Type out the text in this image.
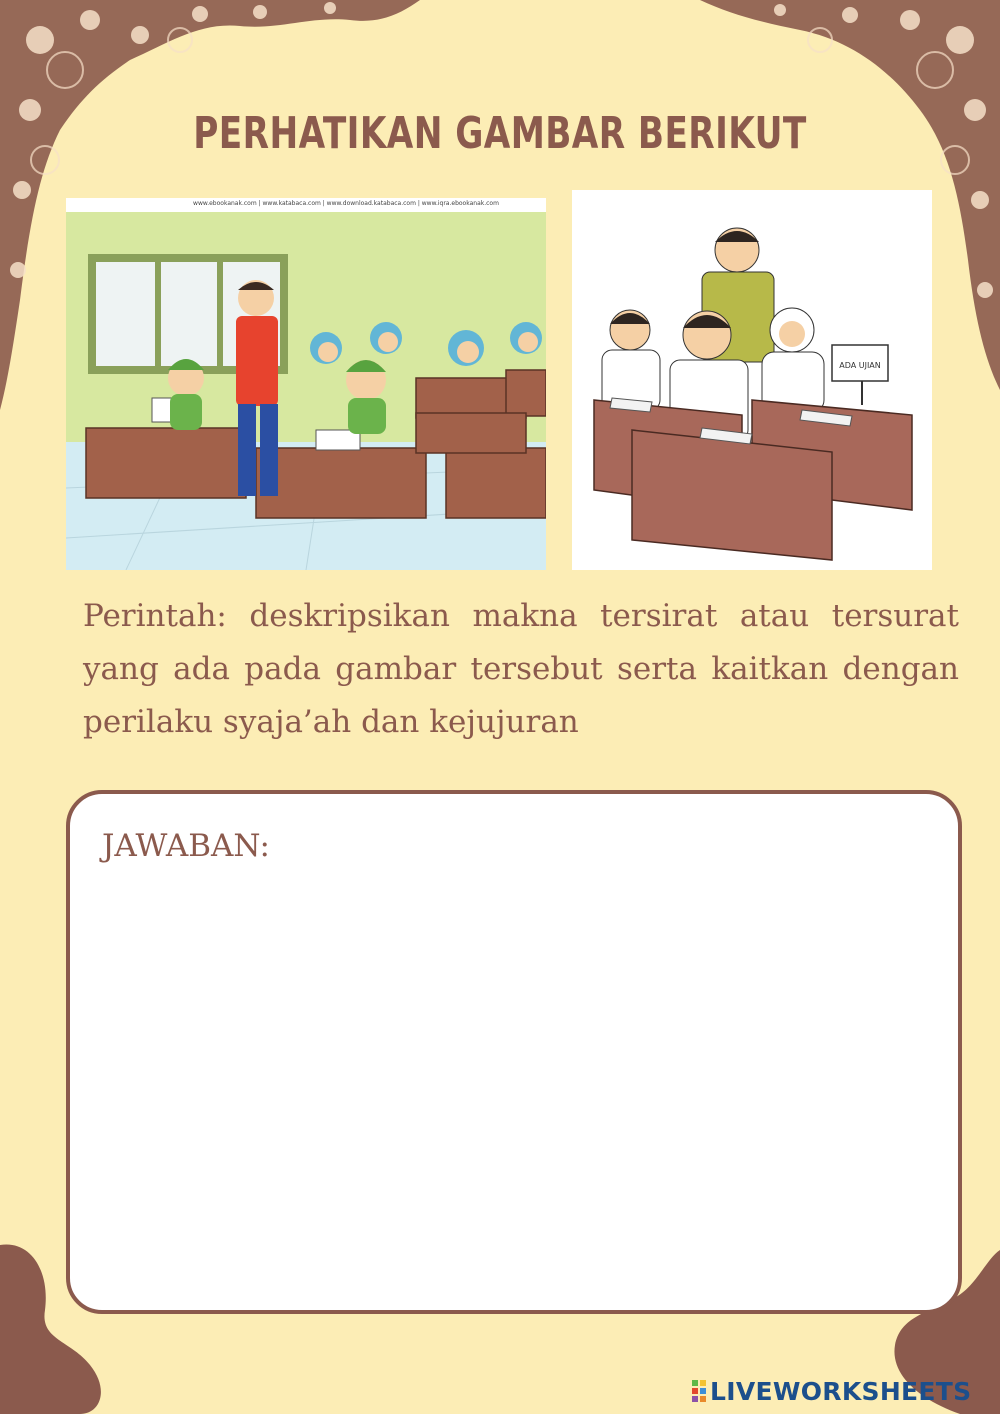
PERHATIKAN GAMBAR BERIKUT
www.ebookanak.com | www.katabaca.com | www.download.katabaca.com | www.iqra.ebookanak.com
ADA UJIAN
Perintah: deskripsikan makna tersirat atau tersurat yang ada pada gambar tersebut serta kaitkan dengan perilaku syaja’ah dan kejujuran
JAWABAN:
LIVEWORKSHEETS
